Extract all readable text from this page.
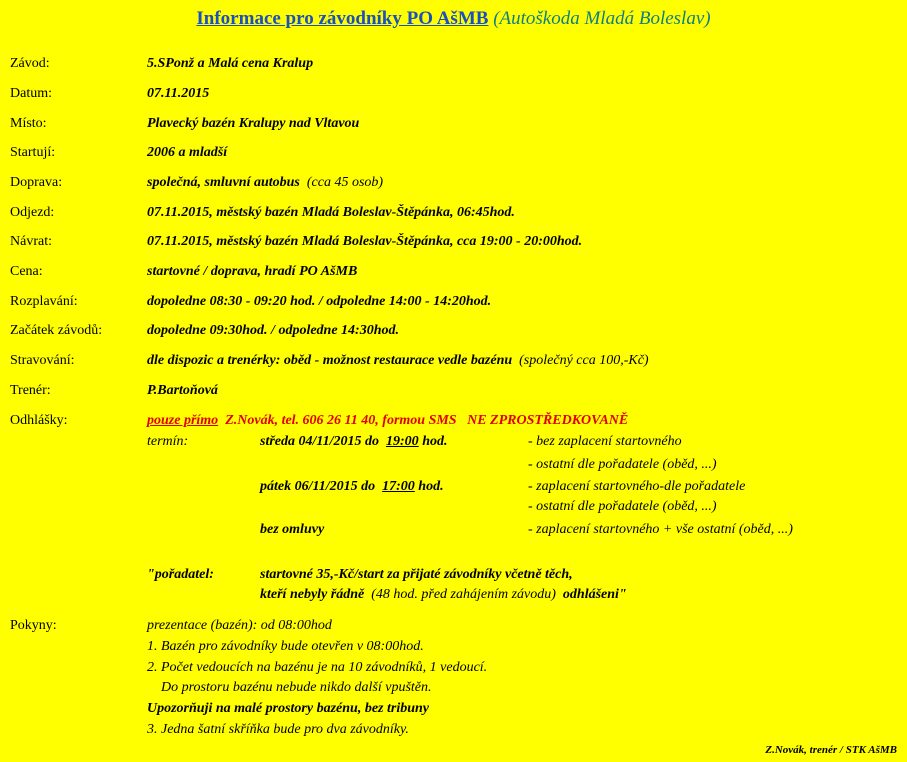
Informace pro závodníky PO AšMB (Autoškoda Mladá Boleslav)
Závod:	5.SPonž a Malá cena Kralup
Datum:	07.11.2015
Místo:	Plavecký bazén Kralupy nad Vltavou
Startují:	2006 a mladší
Doprava:	společná, smluvní autobus (cca 45 osob)
Odjezd:	07.11.2015, městský bazén Mladá Boleslav-Štěpánka, 06:45hod.
Návrat:	07.11.2015, městský bazén Mladá Boleslav-Štěpánka, cca 19:00 - 20:00hod.
Cena:	startovné / doprava, hradí PO AšMB
Rozplavání:	dopoledne 08:30 - 09:20 hod. / odpoledne 14:00 - 14:20hod.
Začátek závodů:	dopoledne 09:30hod. / odpoledne 14:30hod.
Stravování:	dle dispozic a trenérky: oběd - možnost restaurace vedle bazénu (společný cca 100,-Kč)
Trenér:	P.Bartoňová
Odhlášky:	pouze přímo Z.Novák, tel. 606 26 11 40, formou SMS NE ZPROSTŘEDKOVANĚ
termín:	středa 04/11/2015 do 19:00 hod.	- bez zaplacení startovného
- ostatní dle pořadatele (oběd, ...)
pátek 06/11/2015 do 17:00 hod.	- zaplacení startovného-dle pořadatele
- ostatní dle pořadatele (oběd, ...)
bez omluvy	- zaplacení startovného + vše ostatní (oběd, ...)
"pořadatel:	startovné 35,-Kč/start za přijaté závodníky včetně těch,
kteří nebyly řádně (48 hod. před zahájením závodu) odhlášeni"
Pokyny:	prezentace (bazén): od 08:00hod
1. Bazén pro závodníky bude otevřen v 08:00hod.
2. Počet vedoucích na bazénu je na 10 závodníků, 1 vedoucí.
Do prostoru bazénu nebude nikdo další vpuštěn.
Upozorňuji na malé prostory bazénu, bez tribuny
3. Jedna šatní skříňka bude pro dva závodníky.
Z.Novák, trenér / STK AšMB
